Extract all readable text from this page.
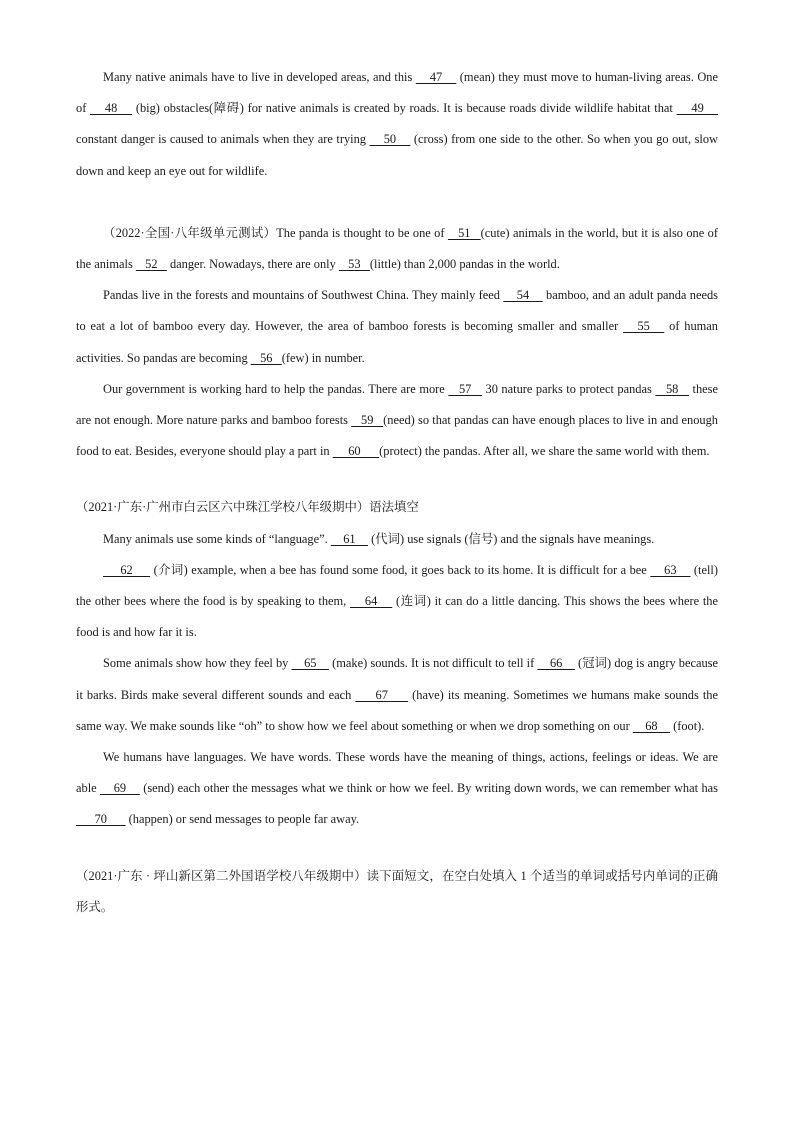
Many native animals have to live in developed areas, and this     47     (mean) they must move to human-living areas. One of     48     (big) obstacles(障碍) for native animals is created by roads. It is because roads divide wildlife habitat that     49     constant danger is caused to animals when they are trying     50     (cross) from one side to the other. So when you go out, slow down and keep an eye out for wildlife.

（2022·全国·八年级单元测试）The panda is thought to be one of    51   (cute) animals in the world, but it is also one of the animals    52    danger. Nowadays, there are only    53   (little) than 2,000 pandas in the world.

Pandas live in the forests and mountains of Southwest China. They mainly feed     54     bamboo, and an adult panda needs to eat a lot of bamboo every day. However, the area of bamboo forests is becoming smaller and smaller    55    of human activities. So pandas are becoming    56   (few) in number.

Our government is working hard to help the pandas. There are more    57    30 nature parks to protect pandas    58    these are not enough. More nature parks and bamboo forests    59   (need) so that pandas can have enough places to live in and enough food to eat. Besides, everyone should play a part in      60      (protect) the pandas. After all, we share the same world with them.

（2021·广东·广州市白云区六中珠江学校八年级期中）语法填空

Many animals use some kinds of “language”.     61     (代词) use signals (信号) and the signals have meanings.

62      (介词) example, when a bee has found some food, it goes back to its home. It is difficult for a bee     63     (tell) the other bees where the food is by speaking to them,     64     (连词) it can do a little dancing. This shows the bees where the food is and how far it is.

Some animals show how they feel by     65     (make) sounds. It is not difficult to tell if     66     (冠词) dog is angry because it barks. Birds make several different sounds and each      67      (have) its meaning. Sometimes we humans make sounds the same way. We make sounds like “oh” to show how we feel about something or when we drop something on our     68     (foot).

We humans have languages. We have words. These words have the meaning of things, actions, feelings or ideas. We are able     69     (send) each other the messages what we think or how we feel. By writing down words, we can remember what has       70       (happen) or send messages to people far away.

（2021·广东 · 坪山新区第二外国语学校八年级期中）读下面短文，在空白处填入 1 个适当的单词或括号内单词的正确形式。
